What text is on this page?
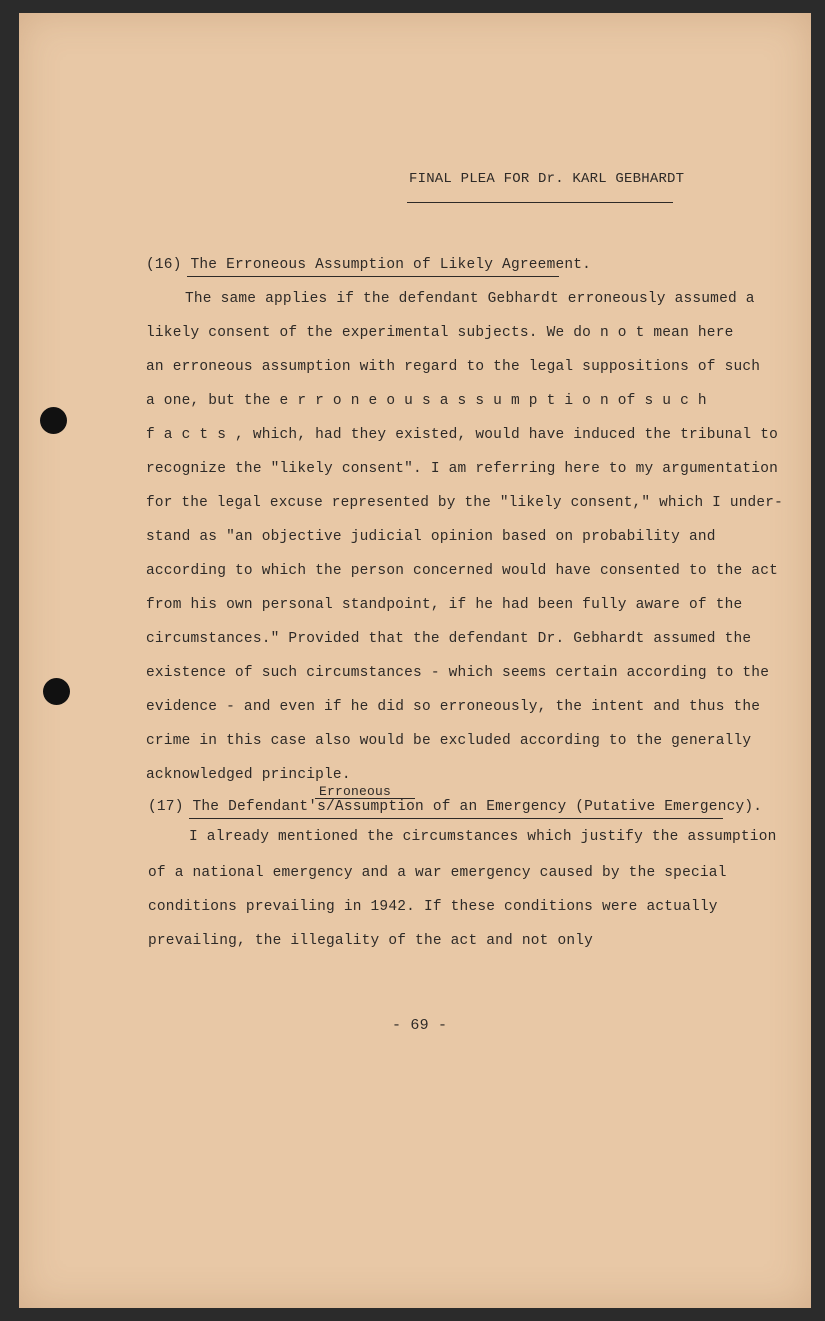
FINAL PLEA FOR Dr. KARL GEBHARDT
(16) The Erroneous Assumption of Likely Agreement.
The same applies if the defendant Gebhardt erroneously assumed a
likely consent of the experimental subjects. We do n o t mean here
an erroneous assumption with regard to the legal suppositions of such
a one, but the e r r o n e o u s a s s u m p t i o n of s u c h
f a c t s , which, had they existed, would have induced the tribunal to
recognize the "likely consent". I am referring here to my argumentation
for the legal excuse represented by the "likely consent," which I under-
stand as "an objective judicial opinion based on probability and
according to which the person concerned would have consented to the act
from his own personal standpoint, if he had been fully aware of the
circumstances." Provided that the defendant Dr. Gebhardt assumed the
existence of such circumstances - which seems certain according to the
evidence - and even if he did so erroneously, the intent and thus the
crime in this case also would be excluded according to the generally
acknowledged principle.
Erroneous
(17) The Defendant's/Assumption of an Emergency (Putative Emergency).
I already mentioned the circumstances which justify the assumption
of a national emergency and a war emergency caused by the special
conditions prevailing in 1942. If these conditions were actually
prevailing, the illegality of the act and not only
- 69 -
